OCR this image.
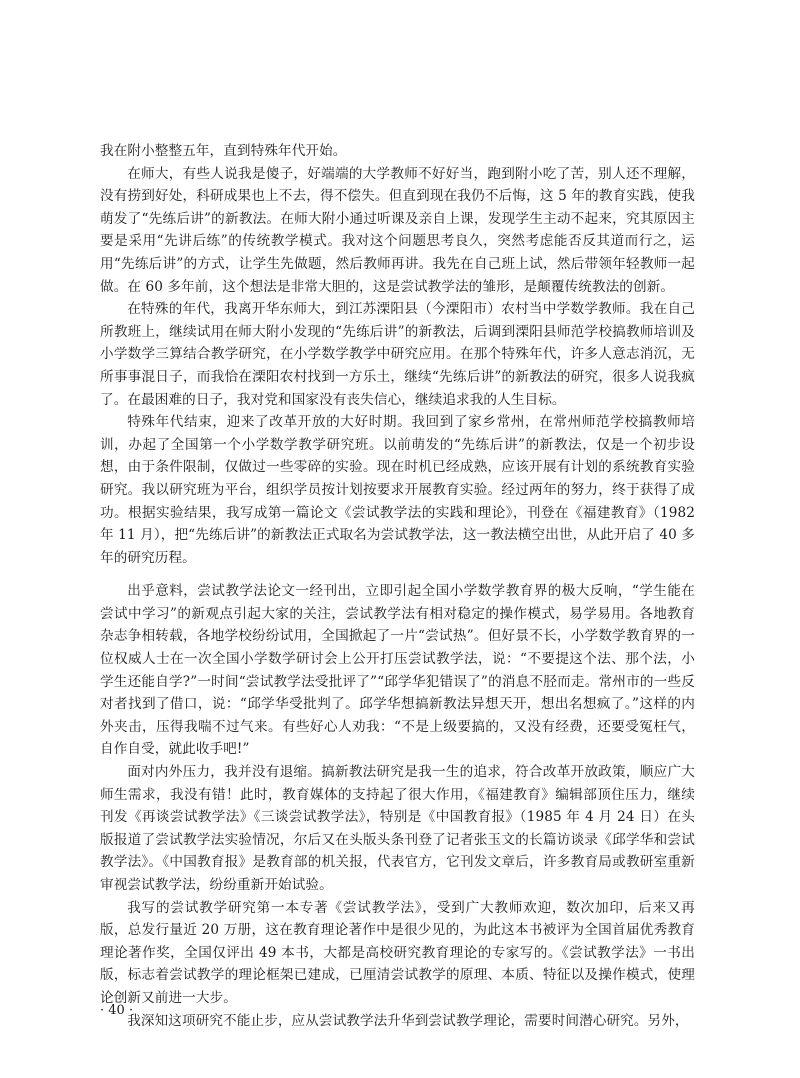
我在附小整整五年，直到特殊年代开始。

在师大，有些人说我是傻子，好端端的大学教师不好好当，跑到附小吃了苦，别人还不理解，没有捞到好处，科研成果也上不去，得不偿失。但直到现在我仍不后悔，这 5 年的教育实践，使我萌发了“先练后讲”的新教法。在师大附小通过听课及亲自上课，发现学生主动不起来，究其原因主要是采用“先讲后练”的传统教学模式。我对这个问题思考良久，突然考虑能否反其道而行之，运用“先练后讲”的方式，让学生先做题，然后教师再讲。我先在自己班上试，然后带领年轻教师一起做。在 60 多年前，这个想法是非常大胆的，这是尝试教学法的雏形，是颠覆传统教法的创新。

在特殊的年代，我离开华东师大，到江苏溧阳县（今溧阳市）农村当中学数学教师。我在自己所教班上，继续试用在师大附小发现的“先练后讲”的新教法，后调到溧阳县师范学校搞教师培训及小学数学三算结合教学研究，在小学数学教学中研究应用。在那个特殊年代，许多人意志消沉，无所事事混日子，而我恰在溧阳农村找到一方乐土，继续“先练后讲”的新教法的研究，很多人说我疯了。在最困难的日子，我对党和国家没有丧失信心，继续追求我的人生目标。

特殊年代结束，迎来了改革开放的大好时期。我回到了家乡常州，在常州师范学校搞教师培训，办起了全国第一个小学数学教学研究班。以前萌发的“先练后讲”的新教法，仅是一个初步设想，由于条件限制，仅做过一些零碎的实验。现在时机已经成熟，应该开展有计划的系统教育实验研究。我以研究班为平台，组织学员按计划按要求开展教育实验。经过两年的努力，终于获得了成功。根据实验结果，我写成第一篇论文《尝试教学法的实践和理论》，刊登在《福建教育》（1982 年 11 月），把“先练后讲”的新教法正式取名为尝试教学法，这一教法横空出世，从此开启了 40 多年的研究历程。

出乎意料，尝试教学法论文一经刊出，立即引起全国小学数学教育界的极大反响，“学生能在尝试中学习”的新观点引起大家的关注，尝试教学法有相对稳定的操作模式，易学易用。各地教育杂志争相转载，各地学校纷纷试用，全国掀起了一片“尝试热”。但好景不长，小学数学教育界的一位权威人士在一次全国小学数学研讨会上公开打压尝试教学法，说：“不要提这个法、那个法，小学生还能自学?”一时间“尝试教学法受批评了”“邱学华犯错误了”的消息不胫而走。常州市的一些反对者找到了借口，说：“邱学华受批判了。邱学华想搞新教法异想天开，想出名想疯了。”这样的内外夹击，压得我喘不过气来。有些好心人劝我：“不是上级要搞的，又没有经费，还要受冤枉气，自作自受，就此收手吧!”

面对内外压力，我并没有退缩。搞新教法研究是我一生的追求，符合改革开放政策，顺应广大师生需求，我没有错！此时，教育媒体的支持起了很大作用，《福建教育》编辑部顶住压力，继续刊发《再谈尝试教学法》《三谈尝试教学法》，特别是《中国教育报》（1985 年 4 月 24 日）在头版报道了尝试教学法实验情况，尔后又在头版头条刊登了记者张玉文的长篇访谈录《邱学华和尝试教学法》。《中国教育报》是教育部的机关报，代表官方，它刊发文章后，许多教育局或教研室重新审视尝试教学法，纷纷重新开始试验。

我写的尝试教学研究第一本专著《尝试教学法》，受到广大教师欢迎，数次加印，后来又再版，总发行量近 20 万册，这在教育理论著作中是很少见的，为此这本书被评为全国首届优秀教育理论著作奖，全国仅评出 49 本书，大都是高校研究教育理论的专家写的。《尝试教学法》一书出版，标志着尝试教学的理论框架已建成，已厘清尝试教学的原理、本质、特征以及操作模式，使理论创新又前进一大步。

我深知这项研究不能止步，应从尝试教学法升华到尝试教学理论，需要时间潜心研究。另外，

· 40 ·
